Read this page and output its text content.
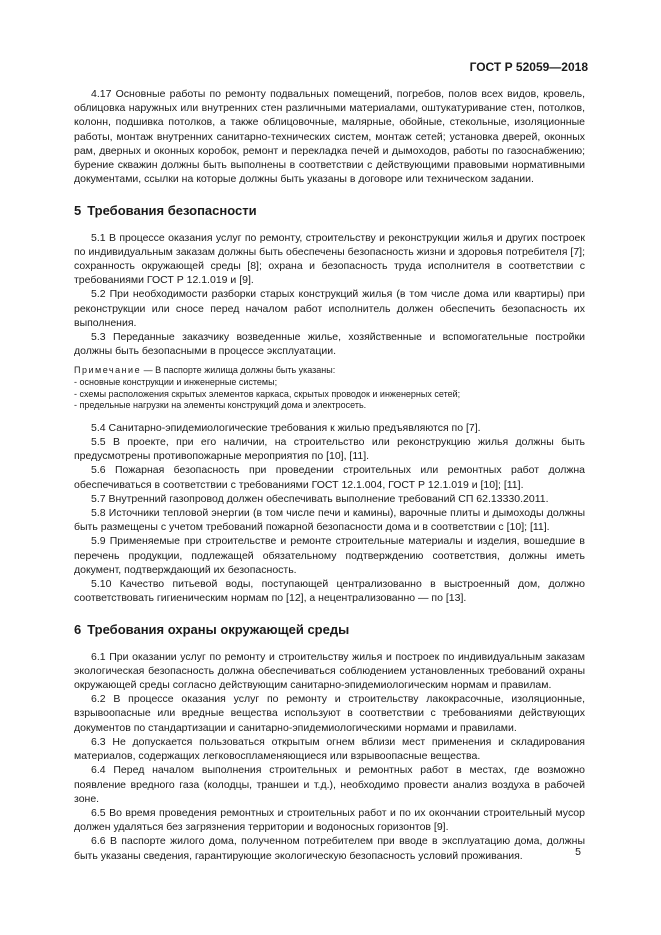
ГОСТ Р 52059—2018

4.17 Основные работы по ремонту подвальных помещений, погребов, полов всех видов, кровель, облицовка наружных или внутренних стен различными материалами, оштукатуривание стен, потолков, колонн, подшивка потолков, а также облицовочные, малярные, обойные, стекольные, изоляционные работы, монтаж внутренних санитарно-технических систем, монтаж сетей; установка дверей, оконных рам, дверных и оконных коробок, ремонт и перекладка печей и дымоходов, работы по газоснабжению; бурение скважин должны быть выполнены в соответствии с действующими правовыми нормативными документами, ссылки на которые должны быть указаны в договоре или техническом задании.

5 Требования безопасности

5.1 В процессе оказания услуг по ремонту, строительству и реконструкции жилья и других построек по индивидуальным заказам должны быть обеспечены безопасность жизни и здоровья потребителя [7]; сохранность окружающей среды [8]; охрана и безопасность труда исполнителя в соответствии с требованиями ГОСТ Р 12.1.019 и [9].

5.2 При необходимости разборки старых конструкций жилья (в том числе дома или квартиры) при реконструкции или сносе перед началом работ исполнитель должен обеспечить безопасность их выполнения.

5.3 Переданные заказчику возведенные жилье, хозяйственные и вспомогательные постройки должны быть безопасными в процессе эксплуатации.

Примечание — В паспорте жилища должны быть указаны:

- основные конструкции и инженерные системы;

- схемы расположения скрытых элементов каркаса, скрытых проводок и инженерных сетей;

- предельные нагрузки на элементы конструкций дома и электросеть.

5.4 Санитарно-эпидемиологические требования к жилью предъявляются по [7].

5.5 В проекте, при его наличии, на строительство или реконструкцию жилья должны быть предусмотрены противопожарные мероприятия по [10], [11].

5.6 Пожарная безопасность при проведении строительных или ремонтных работ должна обеспечиваться в соответствии с требованиями ГОСТ 12.1.004, ГОСТ Р 12.1.019 и [10]; [11].

5.7 Внутренний газопровод должен обеспечивать выполнение требований СП 62.13330.2011.

5.8 Источники тепловой энергии (в том числе печи и камины), варочные плиты и дымоходы должны быть размещены с учетом требований пожарной безопасности дома и в соответствии с [10]; [11].

5.9 Применяемые при строительстве и ремонте строительные материалы и изделия, вошедшие в перечень продукции, подлежащей обязательному подтверждению соответствия, должны иметь документ, подтверждающий их безопасность.

5.10 Качество питьевой воды, поступающей централизованно в выстроенный дом, должно соответствовать гигиеническим нормам по [12], а нецентрализованно — по [13].

6 Требования охраны окружающей среды

6.1 При оказании услуг по ремонту и строительству жилья и построек по индивидуальным заказам экологическая безопасность должна обеспечиваться соблюдением установленных требований охраны окружающей среды согласно действующим санитарно-эпидемиологическим нормам и правилам.

6.2 В процессе оказания услуг по ремонту и строительству лакокрасочные, изоляционные, взрывоопасные или вредные вещества используют в соответствии с требованиями действующих документов по стандартизации и санитарно-эпидемиологическими нормами и правилами.

6.3 Не допускается пользоваться открытым огнем вблизи мест применения и складирования материалов, содержащих легковоспламеняющиеся или взрывоопасные вещества.

6.4 Перед началом выполнения строительных и ремонтных работ в местах, где возможно появление вредного газа (колодцы, траншеи и т.д.), необходимо провести анализ воздуха в рабочей зоне.

6.5 Во время проведения ремонтных и строительных работ и по их окончании строительный мусор должен удаляться без загрязнения территории и водоносных горизонтов [9].

6.6 В паспорте жилого дома, полученном потребителем при вводе в эксплуатацию дома, должны быть указаны сведения, гарантирующие экологическую безопасность условий проживания.	5
